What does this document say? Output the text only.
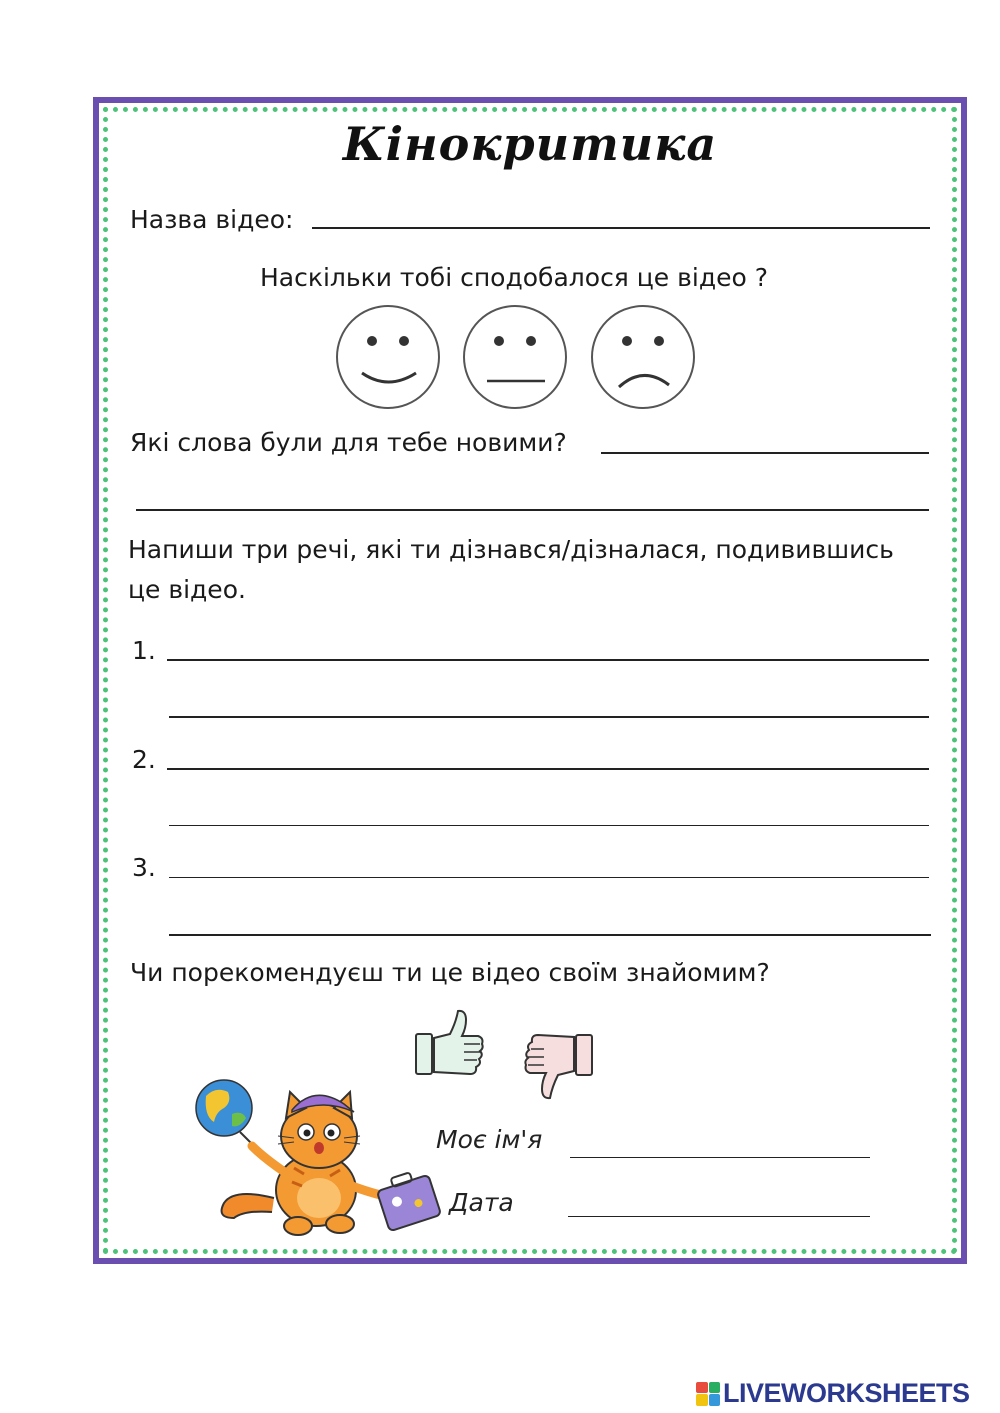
Кінокритика
Назва відео:
Наскільки тобі сподобалося це відео ?
Які слова були для тебе новими?
Напиши три речі, які ти дізнався/дізналася, подивившись
це відео.
1.
2.
3.
Чи порекомендуєш ти це відео своїм знайомим?
Моє ім'я
Дата
LIVEWORKSHEETS
